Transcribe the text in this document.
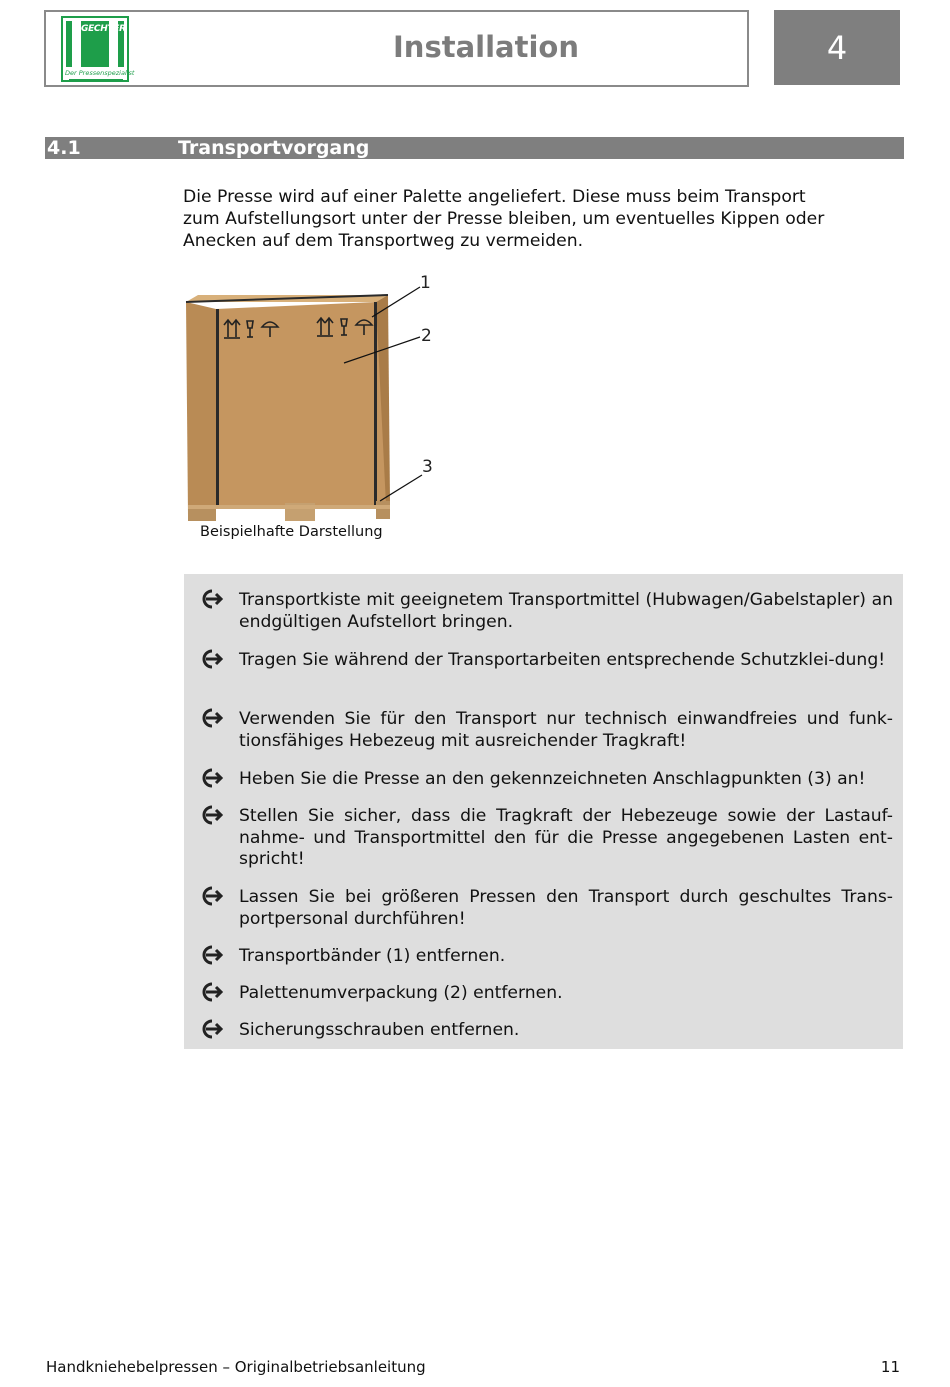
GECHTER
Der Pressenspezialist
Installation	4
4.1	Transportvorgang

Die Presse wird auf einer Palette angeliefert. Diese muss beim Transport zum Aufstellungsort unter der Presse bleiben, um eventuelles Kippen oder Anecken auf dem Transportweg zu vermeiden.

1
2
3
Beispielhafte Darstellung
Transportkiste mit geeignetem Transportmittel (Hubwagen/Gabelstapler) an endgültigen Aufstellort bringen.
Tragen Sie während der Transportarbeiten entsprechende Schutzklei-dung!
Verwenden Sie für den Transport nur technisch einwandfreies und funk-tionsfähiges Hebezeug mit ausreichender Tragkraft!
Heben Sie die Presse an den gekennzeichneten Anschlagpunkten (3) an!
Stellen Sie sicher, dass die Tragkraft der Hebezeuge sowie der Lastauf-nahme- und Transportmittel den für die Presse angegebenen Lasten ent-spricht!
Lassen Sie bei größeren Pressen den Transport durch geschultes Trans-portpersonal durchführen!
Transportbänder (1) entfernen.
Palettenumverpackung (2) entfernen.
Sicherungsschrauben entfernen.
Handkniehebelpressen – Originalbetriebsanleitung	11
